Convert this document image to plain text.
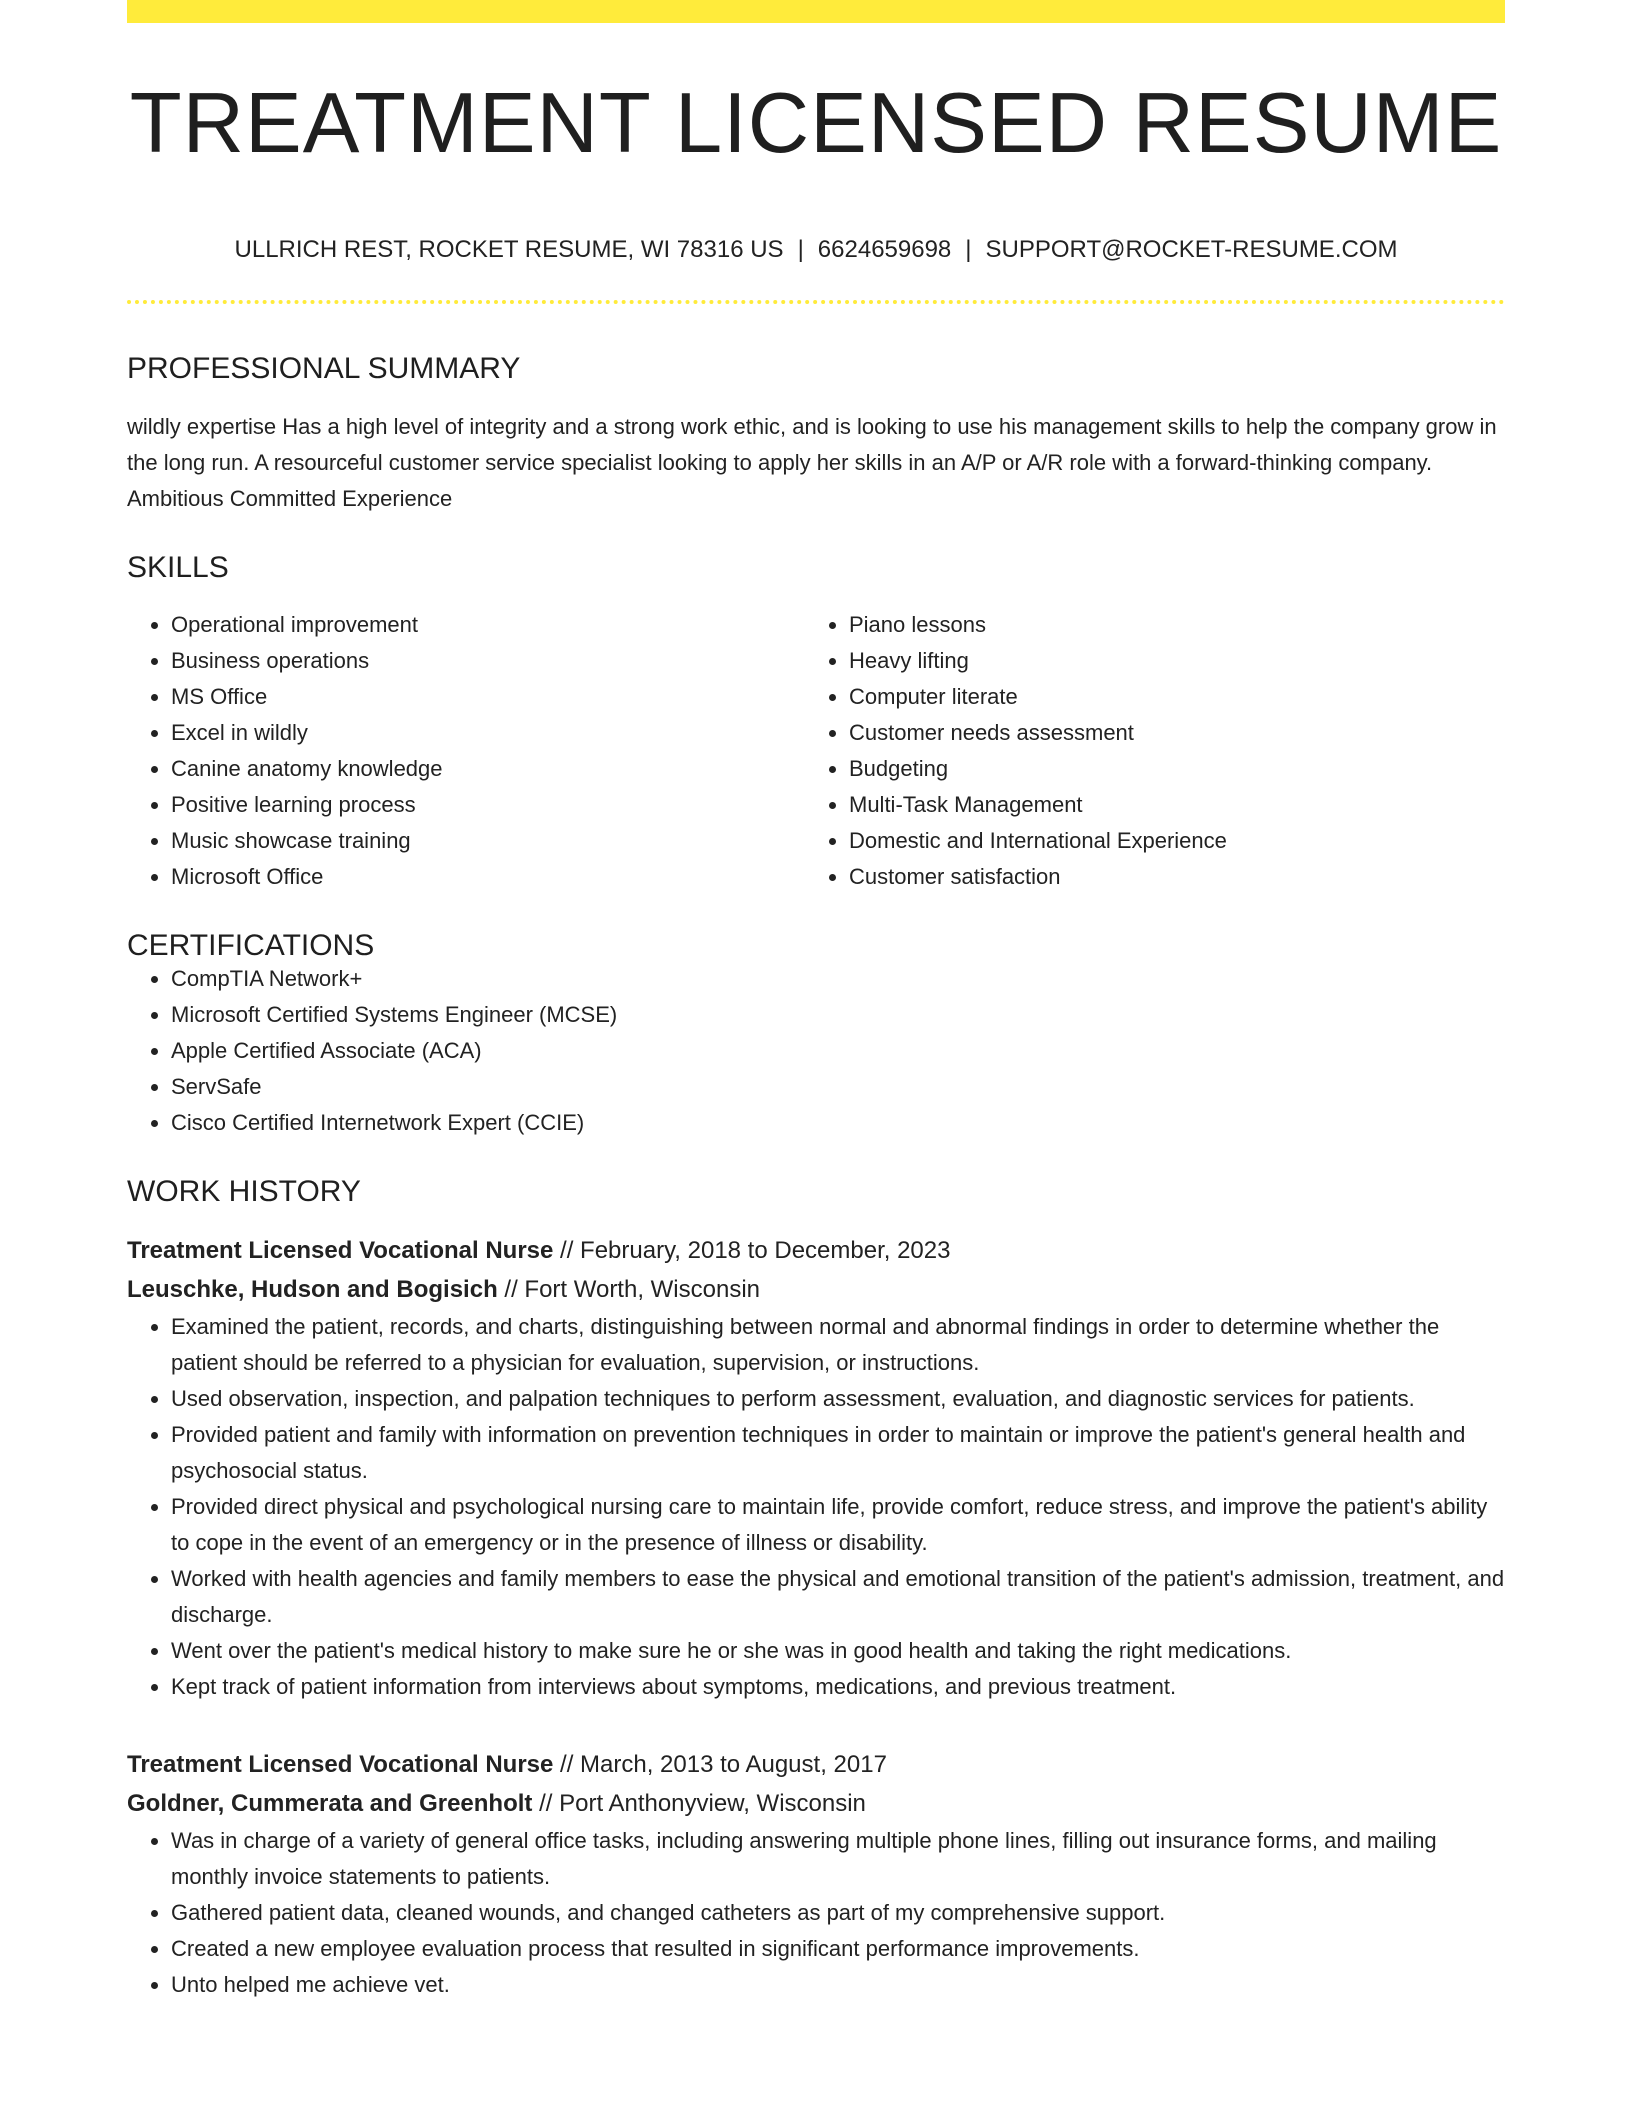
TREATMENT LICENSED RESUME
ULLRICH REST, ROCKET RESUME, WI 78316 US | 6624659698 | SUPPORT@ROCKET-RESUME.COM
PROFESSIONAL SUMMARY

wildly expertise Has a high level of integrity and a strong work ethic, and is looking to use his management skills to help the company grow in the long run. A resourceful customer service specialist looking to apply her skills in an A/P or A/R role with a forward-thinking company. Ambitious Committed Experience

SKILLS
• Operational improvement
• Business operations
• MS Office
• Excel in wildly
• Canine anatomy knowledge
• Positive learning process
• Music showcase training
• Microsoft Office
• Piano lessons
• Heavy lifting
• Computer literate
• Customer needs assessment
• Budgeting
• Multi-Task Management
• Domestic and International Experience
• Customer satisfaction
CERTIFICATIONS
• CompTIA Network+
• Microsoft Certified Systems Engineer (MCSE)
• Apple Certified Associate (ACA)
• ServSafe
• Cisco Certified Internetwork Expert (CCIE)
WORK HISTORY
Treatment Licensed Vocational Nurse // February, 2018 to December, 2023
Leuschke, Hudson and Bogisich // Fort Worth, Wisconsin
• Examined the patient, records, and charts, distinguishing between normal and abnormal findings in order to determine whether the patient should be referred to a physician for evaluation, supervision, or instructions.
• Used observation, inspection, and palpation techniques to perform assessment, evaluation, and diagnostic services for patients.
• Provided patient and family with information on prevention techniques in order to maintain or improve the patient's general health and psychosocial status.
• Provided direct physical and psychological nursing care to maintain life, provide comfort, reduce stress, and improve the patient's ability to cope in the event of an emergency or in the presence of illness or disability.
• Worked with health agencies and family members to ease the physical and emotional transition of the patient's admission, treatment, and discharge.
• Went over the patient's medical history to make sure he or she was in good health and taking the right medications.
• Kept track of patient information from interviews about symptoms, medications, and previous treatment.
Treatment Licensed Vocational Nurse // March, 2013 to August, 2017
Goldner, Cummerata and Greenholt // Port Anthonyview, Wisconsin
• Was in charge of a variety of general office tasks, including answering multiple phone lines, filling out insurance forms, and mailing monthly invoice statements to patients.
• Gathered patient data, cleaned wounds, and changed catheters as part of my comprehensive support.
• Created a new employee evaluation process that resulted in significant performance improvements.
• Unto helped me achieve vet.
